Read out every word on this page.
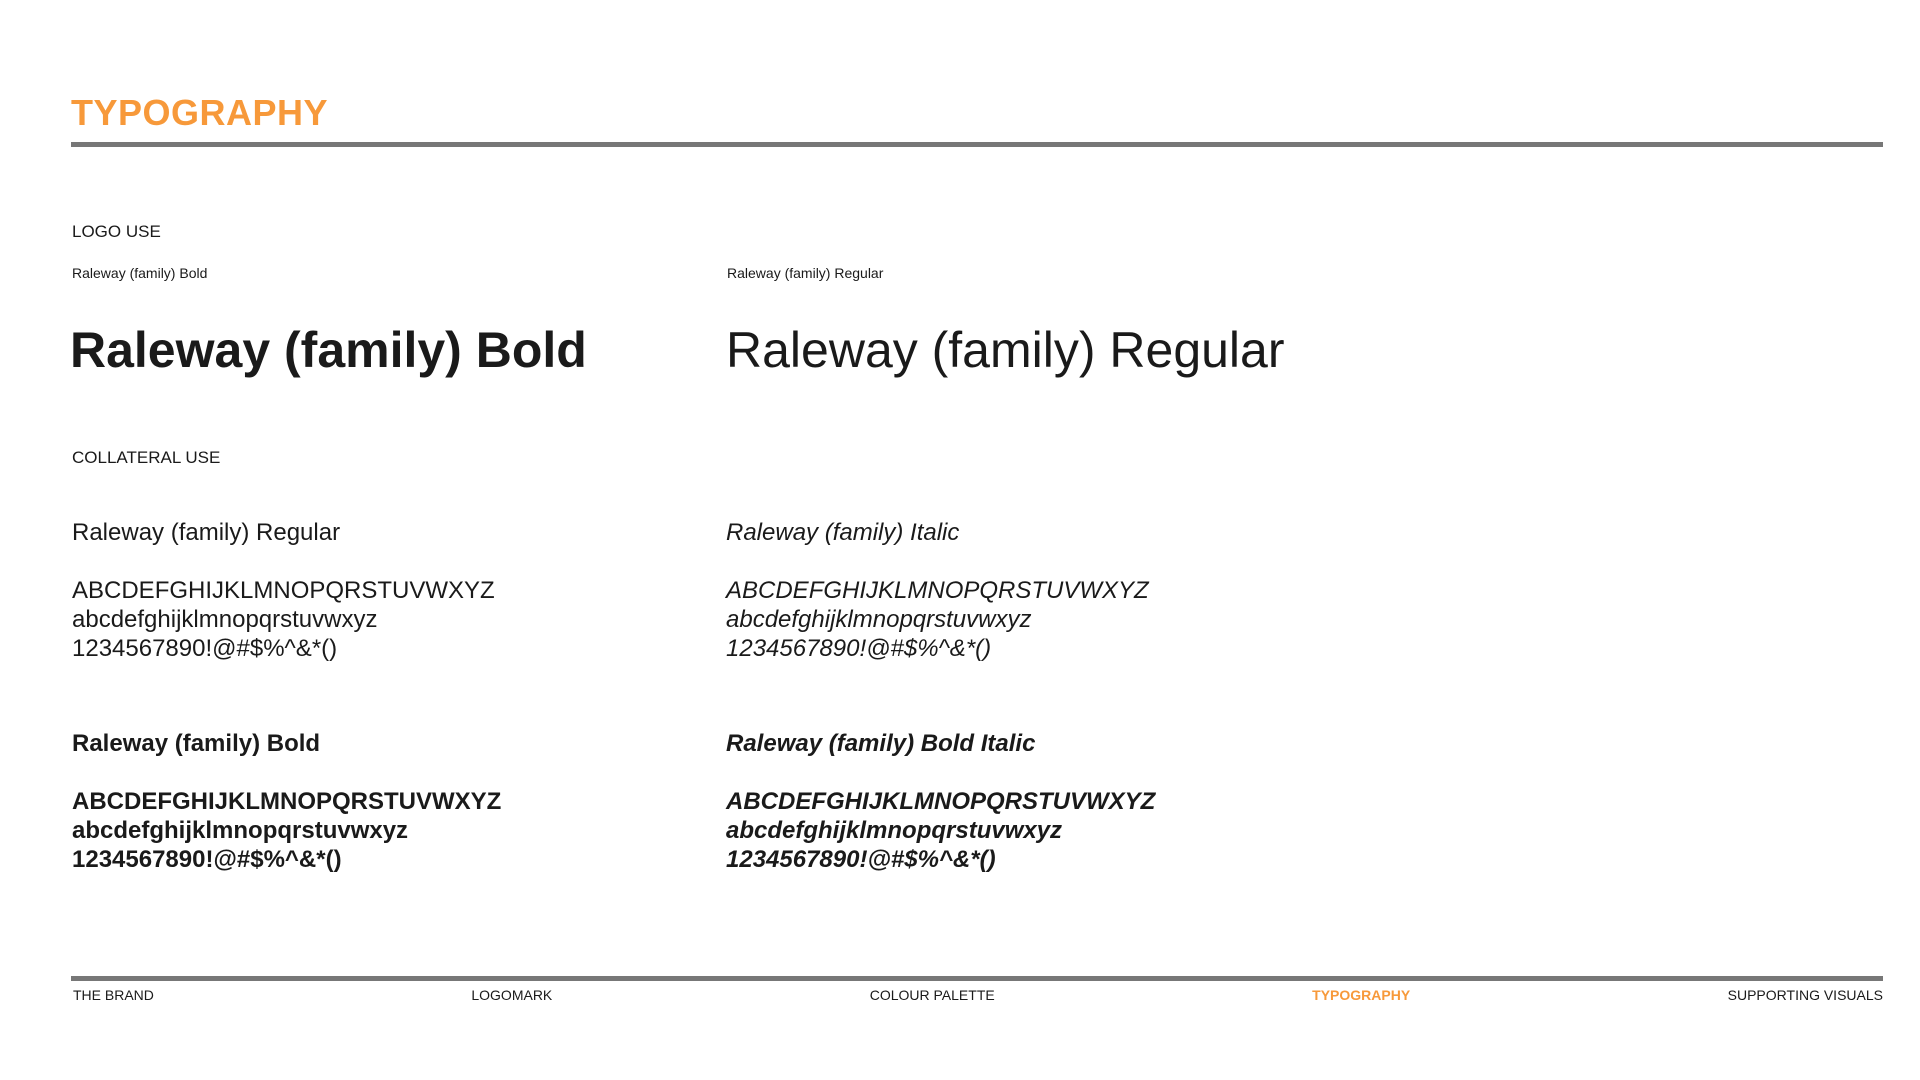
TYPOGRAPHY
LOGO USE
Raleway (family) Bold	Raleway (family) Regular
Raleway (family) Bold	Raleway (family) Regular
COLLATERAL USE
Raleway (family) Regular
ABCDEFGHIJKLMNOPQRSTUVWXYZ
abcdefghijklmnopqrstuvwxyz
1234567890!@#$%^&*()
Raleway (family) Italic
ABCDEFGHIJKLMNOPQRSTUVWXYZ
abcdefghijklmnopqrstuvwxyz
1234567890!@#$%^&*()
Raleway (family) Bold
ABCDEFGHIJKLMNOPQRSTUVWXYZ
abcdefghijklmnopqrstuvwxyz
1234567890!@#$%^&*()
Raleway (family) Bold Italic
ABCDEFGHIJKLMNOPQRSTUVWXYZ
abcdefghijklmnopqrstuvwxyz
1234567890!@#$%^&*()
THE BRAND	LOGOMARK	COLOUR PALETTE	TYPOGRAPHY	SUPPORTING VISUALS
